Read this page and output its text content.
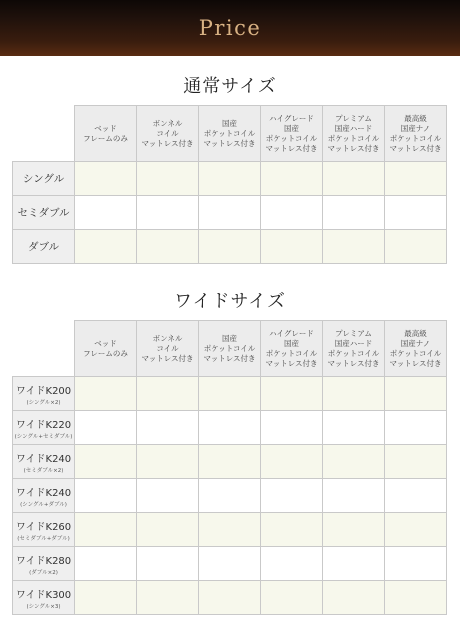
Price
通常サイズ

	ベッド
フレームのみ	ボンネル
コイル
マットレス付き	国産
ポケットコイル
マットレス付き	ハイグレード
国産
ポケットコイル
マットレス付き	プレミアム
国産ハード
ポケットコイル
マットレス付き	最高級
国産ナノ
ポケットコイル
マットレス付き

シングル						

セミダブル						

ダブル						

ワイドサイズ

	ベッド
フレームのみ	ボンネル
コイル
マットレス付き	国産
ポケットコイル
マットレス付き	ハイグレード
国産
ポケットコイル
マットレス付き	プレミアム
国産ハード
ポケットコイル
マットレス付き	最高級
国産ナノ
ポケットコイル
マットレス付き

ワイドK200
(シングル×2)						

ワイドK220
(シングル+セミダブル)						

ワイドK240
(セミダブル×2)						

ワイドK240
(シングル+ダブル)						

ワイドK260
(セミダブル+ダブル)						

ワイドK280
(ダブル×2)						

ワイドK300
(シングル×3)						
